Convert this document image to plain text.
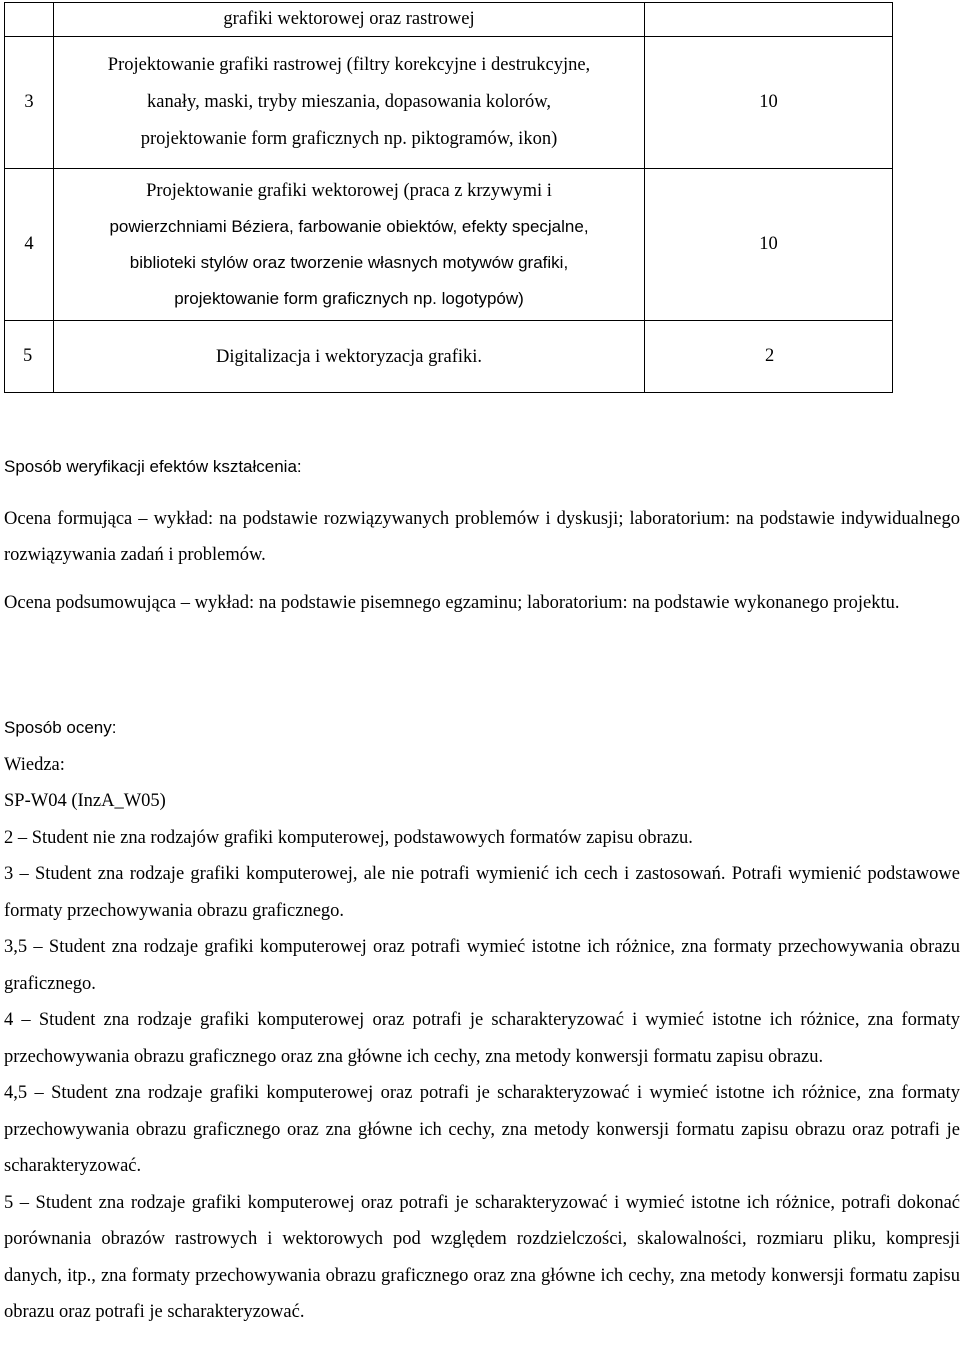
	grafiki wektorowej oraz rastrowej	

3	Projektowanie grafiki rastrowej (filtry korekcyjne i destrukcyjne,
kanały, maski, tryby mieszania, dopasowania kolorów,
projektowanie form graficznych np. piktogramów, ikon)	10
4	Projektowanie grafiki wektorowej (praca z krzywymi i
powierzchniami Béziera, farbowanie obiektów, efekty specjalne,
biblioteki stylów oraz tworzenie własnych motywów grafiki,
projektowanie form graficznych np. logotypów)	10
5	Digitalizacja i wektoryzacja grafiki.	2

Sposób weryfikacji efektów kształcenia:

Ocena formująca – wykład: na podstawie rozwiązywanych problemów i dyskusji; laboratorium: na podstawie indywidualnego rozwiązywania zadań i problemów.

Ocena podsumowująca – wykład: na podstawie pisemnego egzaminu; laboratorium: na podstawie wykonanego projektu.

Sposób oceny:

Wiedza:

SP-W04 (InzA_W05)

2 – Student nie zna rodzajów grafiki komputerowej, podstawowych formatów zapisu obrazu.

3 – Student zna rodzaje grafiki komputerowej, ale nie potrafi wymienić ich cech i zastosowań. Potrafi wymienić podstawowe formaty przechowywania obrazu graficznego.

3,5 – Student zna rodzaje grafiki komputerowej oraz potrafi wymieć istotne ich różnice, zna formaty przechowywania obrazu graficznego.

4 – Student zna rodzaje grafiki komputerowej oraz potrafi je scharakteryzować i wymieć istotne ich różnice, zna formaty przechowywania obrazu graficznego oraz zna główne ich cechy, zna metody konwersji formatu zapisu obrazu.

4,5 – Student zna rodzaje grafiki komputerowej oraz potrafi je scharakteryzować i wymieć istotne ich różnice, zna formaty przechowywania obrazu graficznego oraz zna główne ich cechy, zna metody konwersji formatu zapisu obrazu oraz potrafi je scharakteryzować.

5 – Student zna rodzaje grafiki komputerowej oraz potrafi je scharakteryzować i wymieć istotne ich różnice, potrafi dokonać porównania obrazów rastrowych i wektorowych pod względem rozdzielczości, skalowalności, rozmiaru pliku, kompresji danych, itp., zna formaty przechowywania obrazu graficznego oraz zna główne ich cechy, zna metody konwersji formatu zapisu obrazu oraz potrafi je scharakteryzować.
